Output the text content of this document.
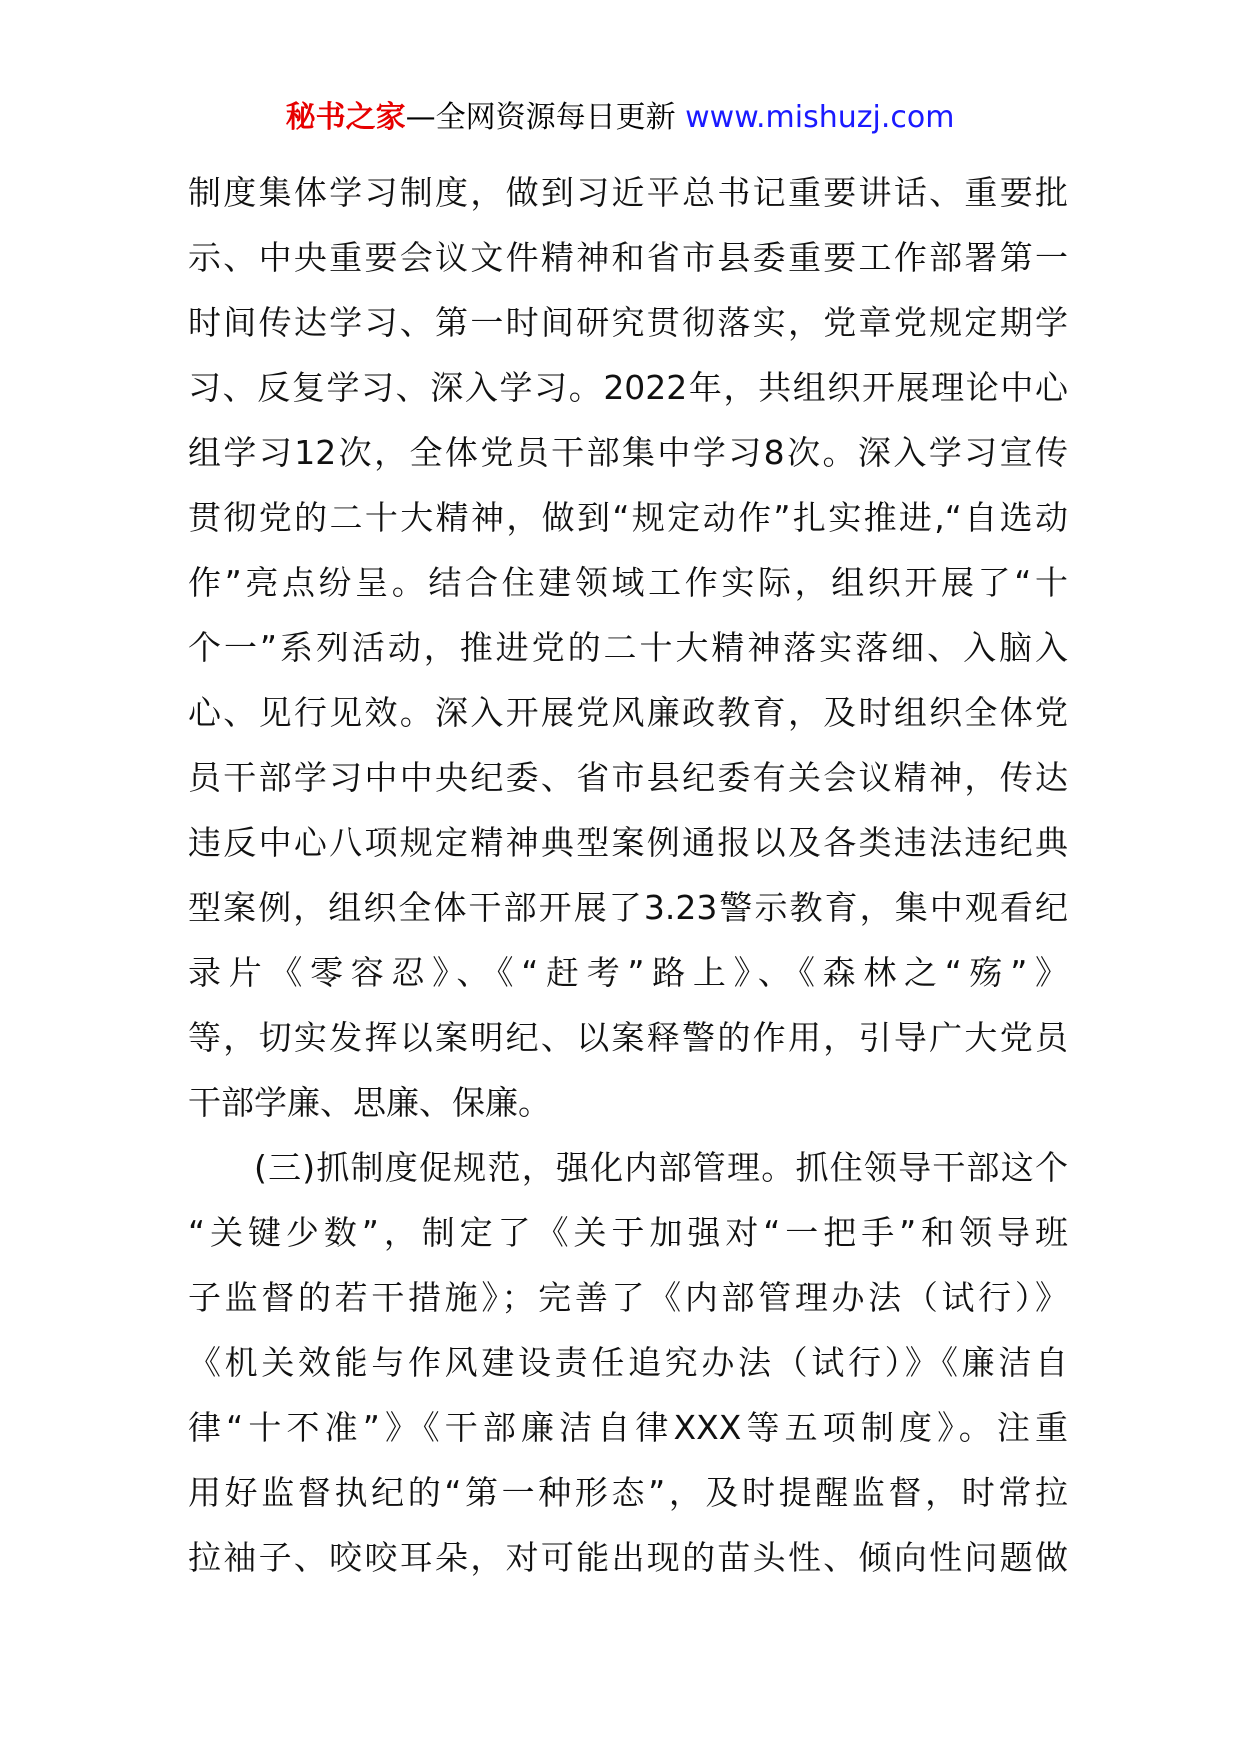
秘书之家—全网资源每日更新 www.mishuzj.com
制度集体学习制度，做到习近平总书记重要讲话、重要批
示、中央重要会议文件精神和省市县委重要工作部署第一
时间传达学习、第一时间研究贯彻落实，党章党规定期学
习、反复学习、深入学习。2022年，共组织开展理论中心
组学习12次，全体党员干部集中学习8次。深入学习宣传
贯彻党的二十大精神，做到“规定动作”扎实推进,“自选动
作”亮点纷呈。结合住建领域工作实际，组织开展了“十
个一”系列活动，推进党的二十大精神落实落细、入脑入
心、见行见效。深入开展党风廉政教育，及时组织全体党
员干部学习中中央纪委、省市县纪委有关会议精神，传达
违反中心八项规定精神典型案例通报以及各类违法违纪典
型案例，组织全体干部开展了3.23警示教育，集中观看纪
录片《零容忍》、《“赶考”路上》、《森林之“殇”》
等，切实发挥以案明纪、以案释警的作用，引导广大党员
干部学廉、思廉、保廉。
(三)抓制度促规范，强化内部管理。抓住领导干部这个
“关键少数”，制定了《关于加强对“一把手”和领导班
子监督的若干措施》；完善了《内部管理办法（试行）》
《机关效能与作风建设责任追究办法（试行）》《廉洁自
律“十不准”》《干部廉洁自律XXX等五项制度》。注重
用好监督执纪的“第一种形态”，及时提醒监督，时常拉
拉袖子、咬咬耳朵，对可能出现的苗头性、倾向性问题做
